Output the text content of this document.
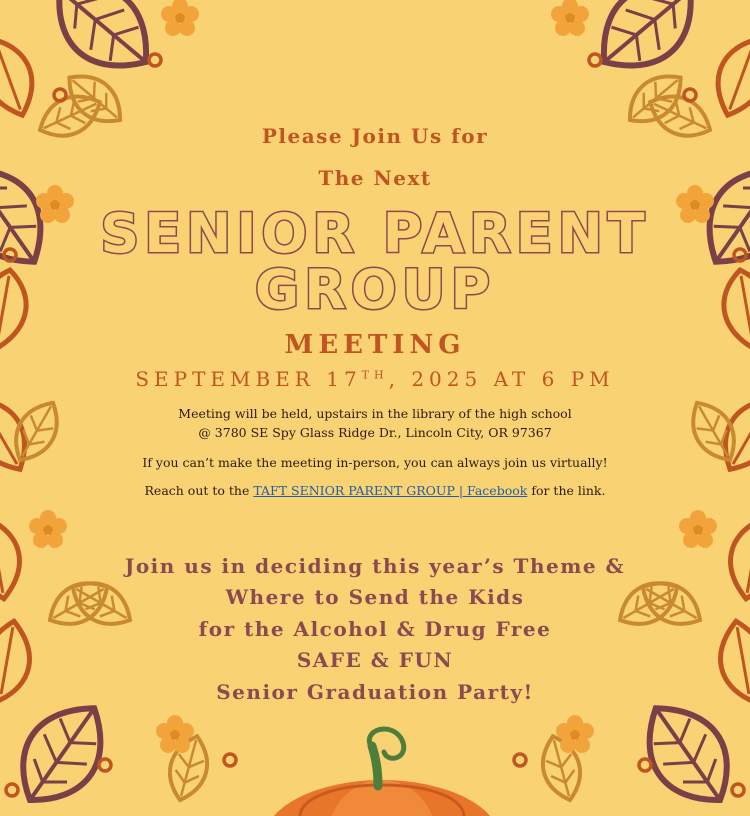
Please Join Us for

The Next

SENIOR PARENT

GROUP

MEETING

SEPTEMBER 17TH, 2025 AT 6 PM

Meeting will be held, upstairs in the library of the high school

@ 3780 SE Spy Glass Ridge Dr., Lincoln City, OR 97367

If you can’t make the meeting in-person, you can always join us virtually!

Reach out to the TAFT SENIOR PARENT GROUP | Facebook for the link.

Join us in deciding this year’s Theme &

Where to Send the Kids

for the Alcohol & Drug Free

SAFE & FUN

Senior Graduation Party!
